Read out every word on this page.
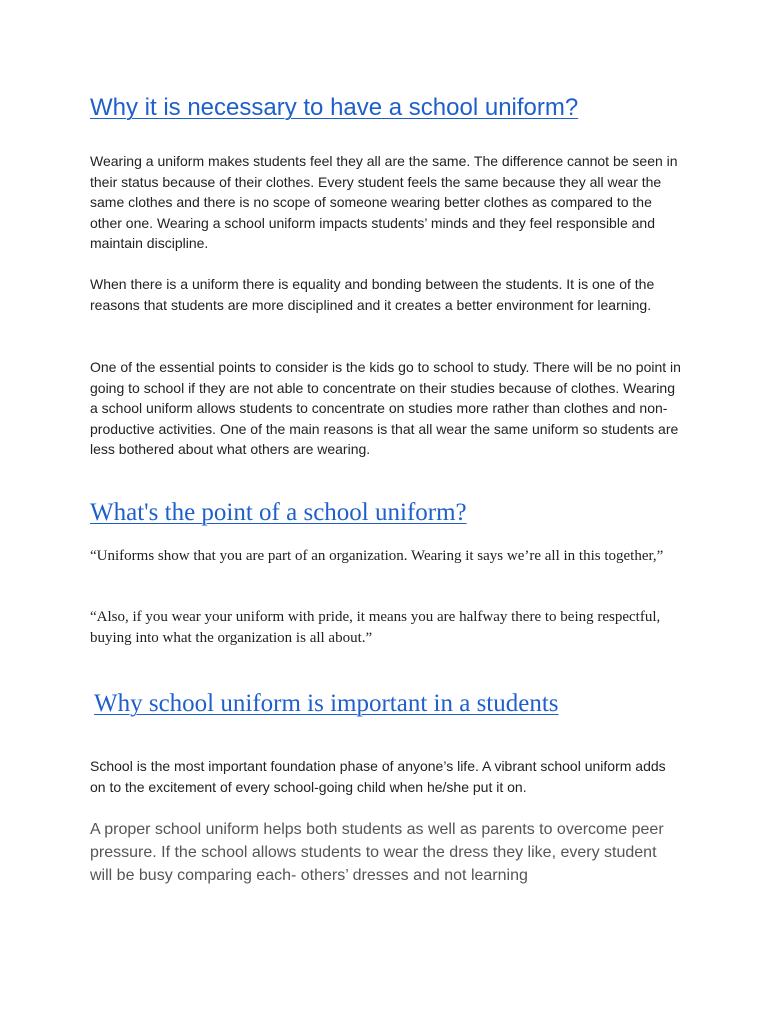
Why it is necessary to have a school uniform?

Wearing a uniform makes students feel they all are the same. The difference cannot be seen in their status because of their clothes. Every student feels the same because they all wear the same clothes and there is no scope of someone wearing better clothes as compared to the other one. Wearing a school uniform impacts students’ minds and they feel responsible and maintain discipline.

When there is a uniform there is equality and bonding between the students. It is one of the reasons that students are more disciplined and it creates a better environment for learning.

One of the essential points to consider is the kids go to school to study. There will be no point in going to school if they are not able to concentrate on their studies because of clothes. Wearing a school uniform allows students to concentrate on studies more rather than clothes and non-productive activities. One of the main reasons is that all wear the same uniform so students are less bothered about what others are wearing.

What's the point of a school uniform?

“Uniforms show that you are part of an organization. Wearing it says we’re all in this together,”

“Also, if you wear your uniform with pride, it means you are halfway there to being respectful, buying into what the organization is all about.”

Why school uniform is important in a students

School is the most important foundation phase of anyone’s life. A vibrant school uniform adds on to the excitement of every school-going child when he/she put it on.

A proper school uniform helps both students as well as parents to overcome peer pressure. If the school allows students to wear the dress they like, every student will be busy comparing each- others’ dresses and not learning
